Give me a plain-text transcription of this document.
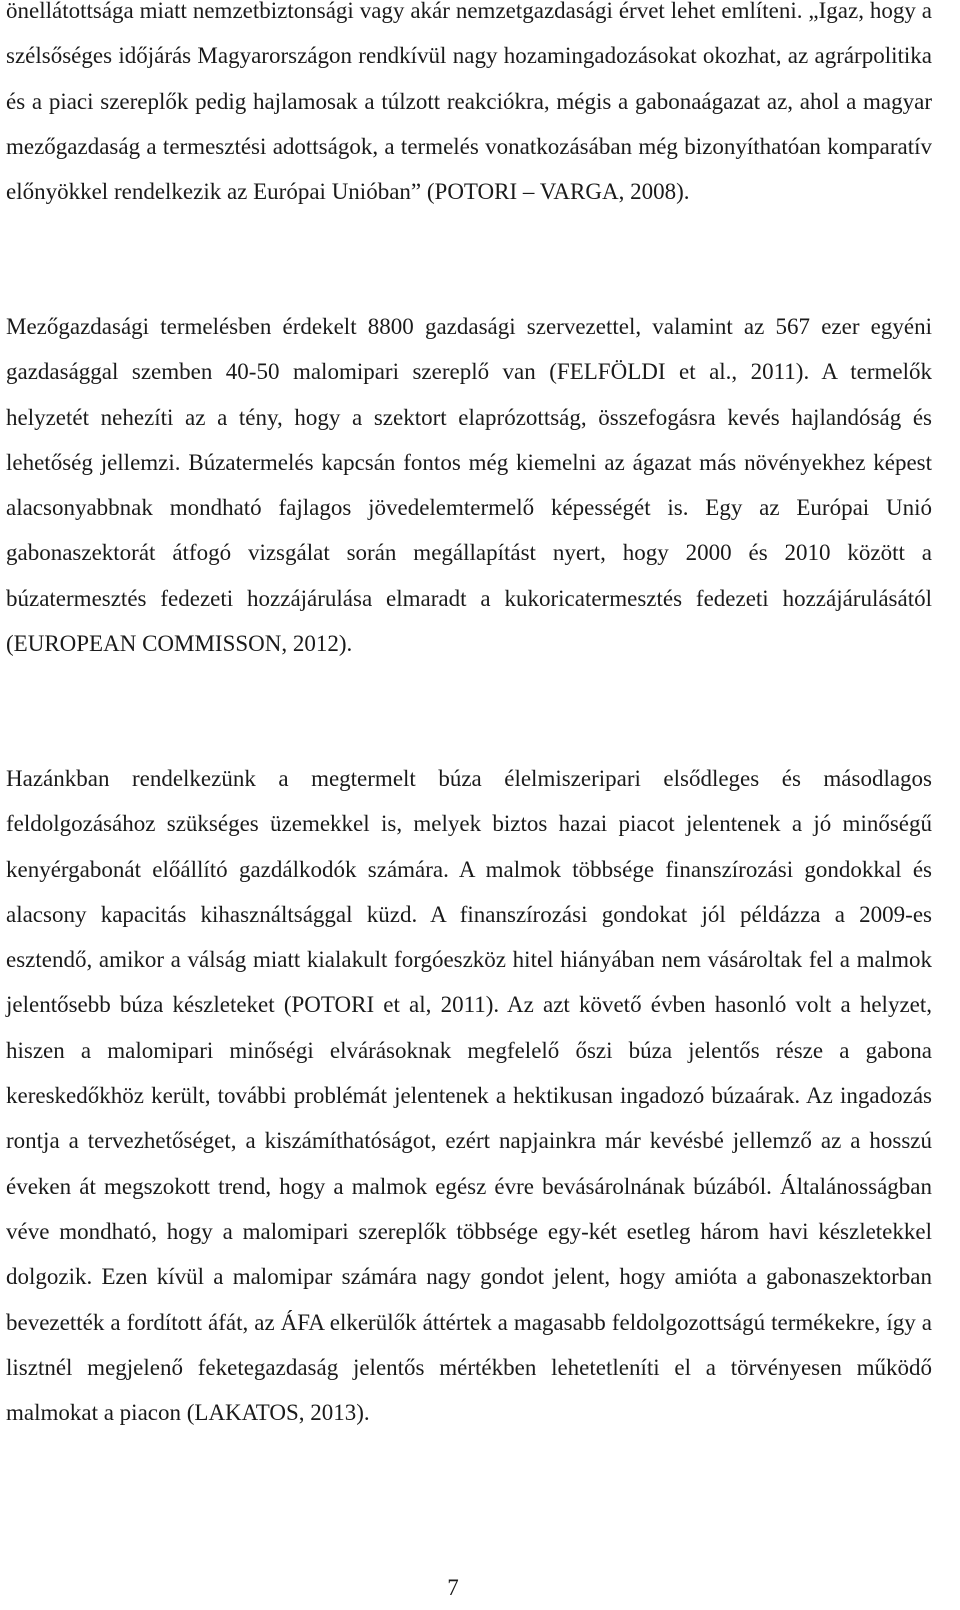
önellátottsága miatt nemzetbiztonsági vagy akár nemzetgazdasági érvet lehet említeni. „Igaz, hogy a szélsőséges időjárás Magyarországon rendkívül nagy hozamingadozásokat okozhat, az agrárpolitika és a piaci szereplők pedig hajlamosak a túlzott reakciókra, mégis a gabonaágazat az, ahol a magyar mezőgazdaság a termesztési adottságok, a termelés vonatkozásában még bizonyíthatóan komparatív előnyökkel rendelkezik az Európai Unióban” (POTORI – VARGA, 2008).

Mezőgazdasági termelésben érdekelt 8800 gazdasági szervezettel, valamint az 567 ezer egyéni gazdasággal szemben 40-50 malomipari szereplő van (FELFÖLDI et al., 2011). A termelők helyzetét nehezíti az a tény, hogy a szektort elaprózottság, összefogásra kevés hajlandóság és lehetőség jellemzi. Búzatermelés kapcsán fontos még kiemelni az ágazat más növényekhez képest alacsonyabbnak mondható fajlagos jövedelemtermelő képességét is. Egy az Európai Unió gabonaszektorát átfogó vizsgálat során megállapítást nyert, hogy 2000 és 2010 között a búzatermesztés fedezeti hozzájárulása elmaradt a kukoricatermesztés fedezeti hozzájárulásától (EUROPEAN COMMISSON, 2012).

Hazánkban rendelkezünk a megtermelt búza élelmiszeripari elsődleges és másodlagos feldolgozásához szükséges üzemekkel is, melyek biztos hazai piacot jelentenek a jó minőségű kenyérgabonát előállító gazdálkodók számára. A malmok többsége finanszírozási gondokkal és alacsony kapacitás kihasználtsággal küzd. A finanszírozási gondokat jól példázza a 2009-es esztendő, amikor a válság miatt kialakult forgóeszköz hitel hiányában nem vásároltak fel a malmok jelentősebb búza készleteket (POTORI et al, 2011). Az azt követő évben hasonló volt a helyzet, hiszen a malomipari minőségi elvárásoknak megfelelő őszi búza jelentős része a gabona kereskedőkhöz került, további problémát jelentenek a hektikusan ingadozó búzaárak. Az ingadozás rontja a tervezhetőséget, a kiszámíthatóságot, ezért napjainkra már kevésbé jellemző az a hosszú éveken át megszokott trend, hogy a malmok egész évre bevásárolnának búzából. Általánosságban véve mondható, hogy a malomipari szereplők többsége egy-két esetleg három havi készletekkel dolgozik. Ezen kívül a malomipar számára nagy gondot jelent, hogy amióta a gabonaszektorban bevezették a fordított áfát, az ÁFA elkerülők áttértek a magasabb feldolgozottságú termékekre, így a lisztnél megjelenő feketegazdaság jelentős mértékben lehetetleníti el a törvényesen működő malmokat a piacon (LAKATOS, 2013).

7
